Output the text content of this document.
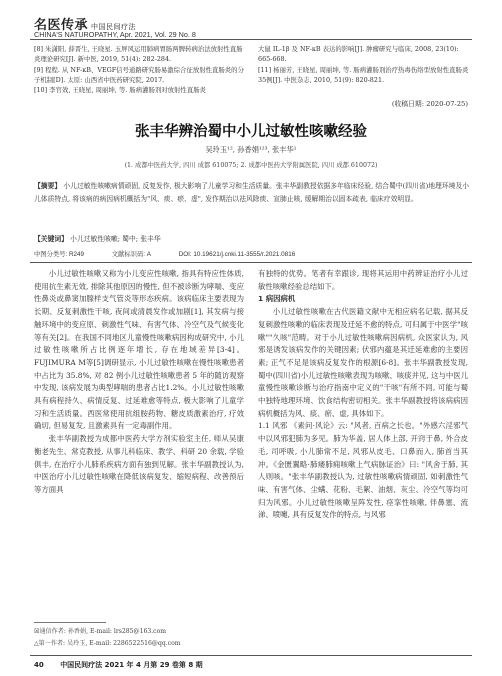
名医传承 中国民间疗法
CHINA'S NATUROPATHY, Apr. 2021, Vol. 29 No. 8
[8] 朱潇阳, 薛晋生, 王晓星. 玉屏风运用肺病胃肠两脾转病治法放射性直肠炎理论研究[J]. 新中医, 2019, 51(4): 282-284.
[9] 程程. 从 NF-κB、VEGF信号通路研究肠易激综合征放射性直肠炎的分子机制[D]. 太原: 山西省中医药研究院, 2017.
[10] 李官效, 王晓星, 周丽坤, 等. 肠病灌肠剂对放射性直肠炎
大鼠 IL-1β 及 NF-κB 表达的影响[J]. 肿瘤研究与临床, 2008, 23(10): 665-668.
[11] 杨丽芳, 王晓星, 周丽坤, 等. 肠病灌肠剂治疗热毒伤络型放射性直肠炎35例[J]. 中医杂志, 2010, 51(9): 820-821.
(收稿日期: 2020-07-25)
张丰华辨治蜀中小儿过敏性咳嗽经验
吴玲玉¹², 孙香娟¹²³, 张丰华¹
(1. 成都中医药大学, 四川 成都 610075; 2. 成都中医药大学附属医院, 四川 成都 610072)
【摘要】 小儿过敏性咳嗽病情顽固, 反复发作, 极大影响了儿童学习和生活质量。张丰华副教授依据多年临床经验, 结合蜀中(四川省)地理环境及小儿体质特点, 将该病的病因病机概括为"风、痰、瘀、虚", 发作期治以祛风除痰、宣肺止咳, 缓解期治以固本疏表, 临床疗效明显。
【关键词】 小儿过敏性咳嗽; 蜀中; 张丰华
中图分类号: R249	文献标识码: A	DOI: 10.19621/j.cnki.11-3555/r.2021.0816

小儿过敏性咳嗽又称为小儿变应性咳嗽, 指具有特应性体质, 使用抗生素无效, 排除其他原因的慢性, 但不被诊断为哮喘、变应性鼻炎或鼻窦加腺样支气管炎等形态疾病。该病临床主要表现为长期、反复刺激性干咳, 夜间或清晨发作或加剧[1], 其发病与接触环境中的变应原、刺激性气味、有害气体、冷空气及气候变化等有关[2]。在我国不同地区儿童慢性咳嗽病因构成研究中, 小儿过敏性咳嗽所占比例逐年增长, 存在地域差异[3-4]。FUJIMURA M等[5]调研显示, 小儿过敏性咳嗽在慢性咳嗽患者中占比为 35.8%, 对 82 例小儿过敏性咳嗽患者 5 年的随访观察中发现, 该病发展为典型哮喘的患者占比1.2%。小儿过敏性咳嗽具有病程持久、病情反复、过延难愈等特点, 极大影响了儿童学习和生活质量。西医常使用抗组胺药物、糖皮质激素治疗, 疗效确切, 但易复发, 且激素具有一定毒副作用。

张丰华副教授为成都中医药大学方剂实验室主任, 师从吴康衡老先生、常克教授, 从事儿科临床、教学、科研 20 余载, 学验俱丰, 在治疗小儿肺系疾病方面有独到见解。张丰华副教授认为, 中医治疗小儿过敏性咳嗽在降低该病复发、缩短病程、改善预后等方面具

有独特的优势。笔者有幸跟诊, 现将其运用中药辨证治疗小儿过敏性咳嗽经验总结如下。

1 病因病机

小儿过敏性咳嗽在古代医籍文献中无相应病名记载, 据其反复刺激性咳嗽的临床表现及迁延不愈的特点, 可归属于中医学"咳嗽""久咳"范畴。对于小儿过敏性咳嗽病因病机, 众医家认为, 风邪是诱发该病发作的关键因素; 伏邪内蕴是其迁延难愈的主要因素; 正气不足是该病反复发作的根源[6-8]。张丰华副教授发现, 蜀中(四川省)小儿过敏性咳嗽表现为咳嗽、咳痰并见, 这与中医儿童慢性咳嗽诊断与治疗指南中定义的"干咳"有所不同, 可能与蜀中独特地理环境、饮食结构密切相关。张丰华副教授将该病病因病机概括为风、痰、瘀、虚, 具体如下。

1.1 风邪 《素问·风论》云: "风者, 百病之长也。"外感六淫邪气中以风邪犯肺为多见。肺为华盖, 居人体上部, 开窍于鼻, 外合皮毛, 司呼吸, 小儿肺常不足, 风邪从皮毛、口鼻而入, 肺首当其冲。《金匮翼略·肺痿肺痈咳嗽上气病脉证治》曰: "风舍于肺, 其人则咳。"张丰华副教授认为, 过敏性咳嗽病情顽固, 如刺激性气味、有害气体、尘螨、花粉、毛絮、油烟、灰尘、冷空气等均可归为风邪。小儿过敏性咳嗽呈阵发性, 痉挛性咳嗽, 伴鼻塞、流涕、喷嚏, 具有反复发作的特点, 与风邪

☒通信作者: 孙香娟, E-mail: lrs285@163.com
△第一作者: 吴玲玉, E-mail: 2286522516@qq.com
40 中国民间疗法 2021 年 4 月第 29 卷第 8 期
